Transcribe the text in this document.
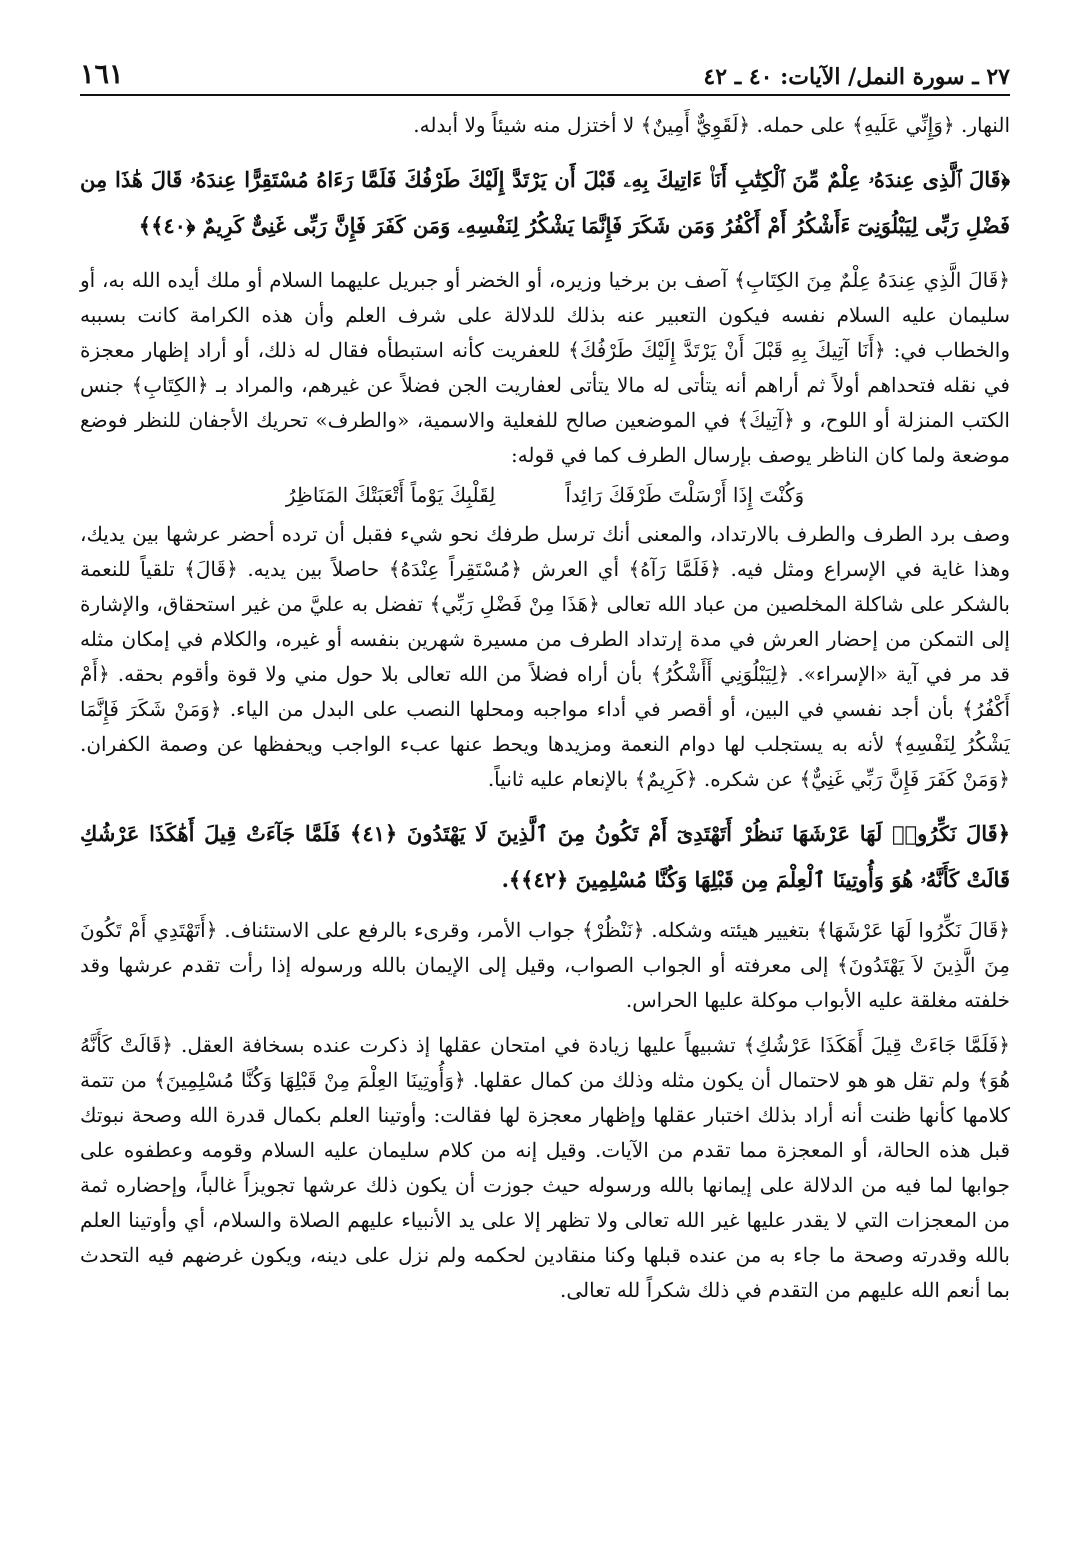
٢٧ ـ سورة النمل/ الآيات: ٤٠ ـ ٤٢
١٦١

النهار. ﴿وَإِنِّي عَلَيهِ﴾ على حمله. ﴿لَقَوِيٌّ أَمِينٌ﴾ لا أختزل منه شيئاً ولا أبدله.

﴿قَالَ ٱلَّذِى عِندَهُۥ عِلْمٌ مِّنَ ٱلْكِتَٰبِ أَنَا۠ ءَاتِيكَ بِهِۦ قَبْلَ أَن يَرْتَدَّ إِلَيْكَ طَرْفُكَ فَلَمَّا رَءَاهُ مُسْتَقِرًّا عِندَهُۥ قَالَ هَٰذَا مِن فَضْلِ رَبِّى لِيَبْلُوَنِىٓ ءَأَشْكُرُ أَمْ أَكْفُرُ وَمَن شَكَرَ فَإِنَّمَا يَشْكُرُ لِنَفْسِهِۦ وَمَن كَفَرَ فَإِنَّ رَبِّى غَنِىٌّ كَرِيمٌ ﴿٤٠﴾﴾

﴿قَالَ الَّذِي عِندَهُ عِلْمٌ مِنَ الكِتَابِ﴾ آصف بن برخيا وزيره، أو الخضر أو جبريل عليهما السلام أو ملك أيده الله به، أو سليمان عليه السلام نفسه فيكون التعبير عنه بذلك للدلالة على شرف العلم وأن هذه الكرامة كانت بسببه والخطاب في: ﴿أَنَا آتِيكَ بِهِ قَبْلَ أَنْ يَرْتَدَّ إِلَيْكَ طَرْفُكَ﴾ للعفريت كأنه استبطأه فقال له ذلك، أو أراد إظهار معجزة في نقله فتحداهم أولاً ثم أراهم أنه يتأتى له مالا يتأتى لعفاريت الجن فضلاً عن غيرهم، والمراد بـ ﴿الكِتَابِ﴾ جنس الكتب المنزلة أو اللوح، و ﴿آتِيكَ﴾ في الموضعين صالح للفعلية والاسمية، «والطرف» تحريك الأجفان للنظر فوضع موضعة ولما كان الناظر يوصف بإرسال الطرف كما في قوله:

وَكُنْتَ إِذَا أَرْسَلْتَ طَرْفَكَ رَائِداً
لِقَلْبِكَ يَوْماً أَتْعَبَتْكَ المَنَاظِرُ

وصف برد الطرف والطرف بالارتداد، والمعنى أنك ترسل طرفك نحو شيء فقبل أن ترده أحضر عرشها بين يديك، وهذا غاية في الإسراع ومثل فيه. ﴿فَلَمَّا رَآهُ﴾ أي العرش ﴿مُسْتَقِراً عِنْدَهُ﴾ حاصلاً بين يديه. ﴿قَالَ﴾ تلقياً للنعمة بالشكر على شاكلة المخلصين من عباد الله تعالى ﴿هَذَا مِنْ فَضْلِ رَبِّي﴾ تفضل به عليَّ من غير استحقاق، والإشارة إلى التمكن من إحضار العرش في مدة إرتداد الطرف من مسيرة شهرين بنفسه أو غيره، والكلام في إمكان مثله قد مر في آية «الإسراء». ﴿لِيَبْلُوَنِي أَأَشْكُرُ﴾ بأن أراه فضلاً من الله تعالى بلا حول مني ولا قوة وأقوم بحقه. ﴿أَمْ أَكْفُرُ﴾ بأن أجد نفسي في البين، أو أقصر في أداء مواجبه ومحلها النصب على البدل من الياء. ﴿وَمَنْ شَكَرَ فَإِنَّمَا يَشْكُرُ لِنَفْسِهِ﴾ لأنه به يستجلب لها دوام النعمة ومزيدها ويحط عنها عبء الواجب ويحفظها عن وصمة الكفران. ﴿وَمَنْ كَفَرَ فَإِنَّ رَبِّي غَنِيٌّ﴾ عن شكره. ﴿كَرِيمٌ﴾ بالإنعام عليه ثانياً.

﴿قَالَ نَكِّرُوا۟ لَهَا عَرْشَهَا نَنظُرْ أَتَهْتَدِىٓ أَمْ تَكُونُ مِنَ ٱلَّذِينَ لَا يَهْتَدُونَ ﴿٤١﴾ فَلَمَّا جَآءَتْ قِيلَ أَهَٰكَذَا عَرْشُكِ قَالَتْ كَأَنَّهُۥ هُوَ وَأُوتِينَا ٱلْعِلْمَ مِن قَبْلِهَا وَكُنَّا مُسْلِمِينَ ﴿٤٢﴾﴾.

﴿قَالَ نَكِّرُوا لَهَا عَرْشَهَا﴾ بتغيير هيئته وشكله. ﴿نَنْظُرْ﴾ جواب الأمر، وقرىء بالرفع على الاستئناف. ﴿أَتَهْتَدِي أَمْ تَكُونَ مِنَ الَّذِينَ لاَ يَهْتَدُونَ﴾ إلى معرفته أو الجواب الصواب، وقيل إلى الإيمان بالله ورسوله إذا رأت تقدم عرشها وقد خلفته مغلقة عليه الأبواب موكلة عليها الحراس.

﴿فَلَمَّا جَاءَتْ قِيلَ أَهَكَذَا عَرْشُكِ﴾ تشبيهاً عليها زيادة في امتحان عقلها إذ ذكرت عنده بسخافة العقل. ﴿قَالَتْ كَأَنَّهُ هُوَ﴾ ولم تقل هو هو لاحتمال أن يكون مثله وذلك من كمال عقلها. ﴿وَأُوتِينَا العِلْمَ مِنْ قَبْلِهَا وَكُنَّا مُسْلِمِينَ﴾ من تتمة كلامها كأنها ظنت أنه أراد بذلك اختبار عقلها وإظهار معجزة لها فقالت: وأوتينا العلم بكمال قدرة الله وصحة نبوتك قبل هذه الحالة، أو المعجزة مما تقدم من الآيات. وقيل إنه من كلام سليمان عليه السلام وقومه وعطفوه على جوابها لما فيه من الدلالة على إيمانها بالله ورسوله حيث جوزت أن يكون ذلك عرشها تجويزاً غالباً، وإحضاره ثمة من المعجزات التي لا يقدر عليها غير الله تعالى ولا تظهر إلا على يد الأنبياء عليهم الصلاة والسلام، أي وأوتينا العلم بالله وقدرته وصحة ما جاء به من عنده قبلها وكنا منقادين لحكمه ولم نزل على دينه، ويكون غرضهم فيه التحدث بما أنعم الله عليهم من التقدم في ذلك شكراً لله تعالى.
